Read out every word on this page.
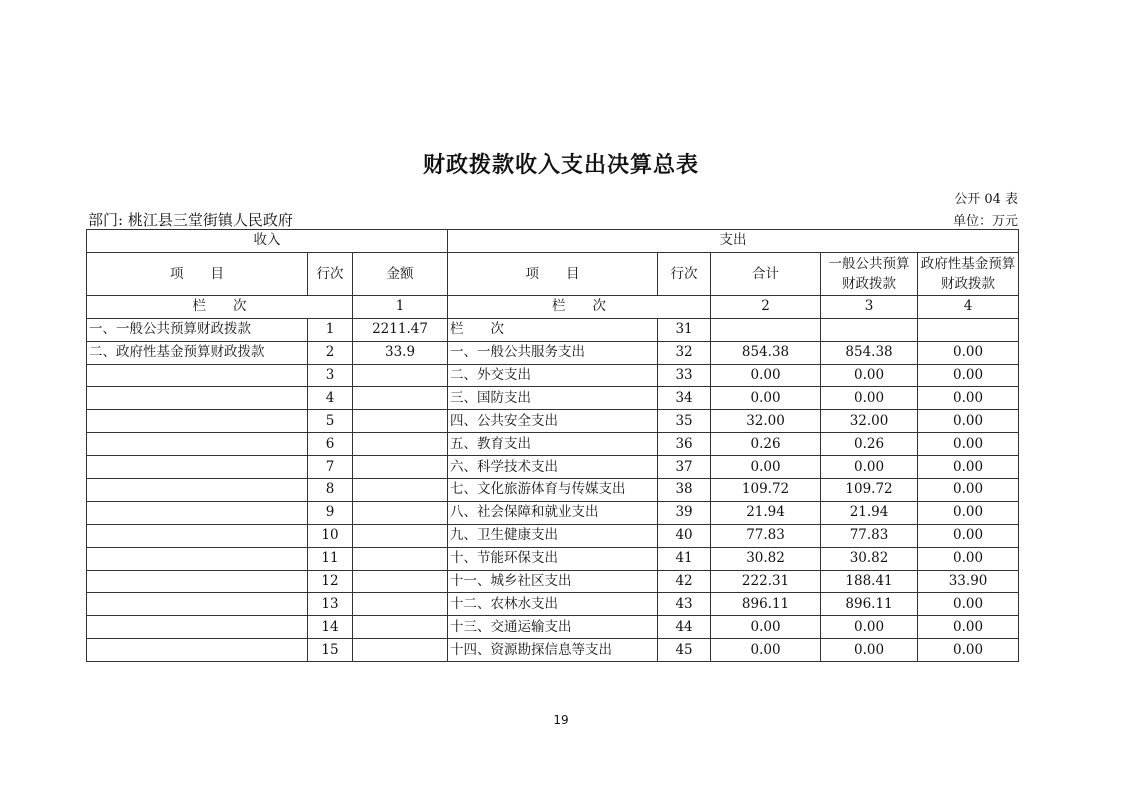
财政拨款收入支出决算总表
公开 04 表
部门: 桃江县三堂街镇人民政府	单位：万元
收入			支出				
项　　目	行次	金额	项　　目	行次	合计	一般公共预算财政拨款	政府性基金预算财政拨款
栏　　次		1	栏　　次		2	3	4
一、一般公共预算财政拨款	1	2211.47	栏　　次	31			
二、政府性基金预算财政拨款	2	33.9	一、一般公共服务支出	32	854.38	854.38	0.00
	3		二、外交支出	33	0.00	0.00	0.00
	4		三、国防支出	34	0.00	0.00	0.00
	5		四、公共安全支出	35	32.00	32.00	0.00
	6		五、教育支出	36	0.26	0.26	0.00
	7		六、科学技术支出	37	0.00	0.00	0.00
	8		七、文化旅游体育与传媒支出	38	109.72	109.72	0.00
	9		八、社会保障和就业支出	39	21.94	21.94	0.00
	10		九、卫生健康支出	40	77.83	77.83	0.00
	11		十、节能环保支出	41	30.82	30.82	0.00
	12		十一、城乡社区支出	42	222.31	188.41	33.90
	13		十二、农林水支出	43	896.11	896.11	0.00
	14		十三、交通运输支出	44	0.00	0.00	0.00
	15		十四、资源勘探信息等支出	45	0.00	0.00	0.00
19
